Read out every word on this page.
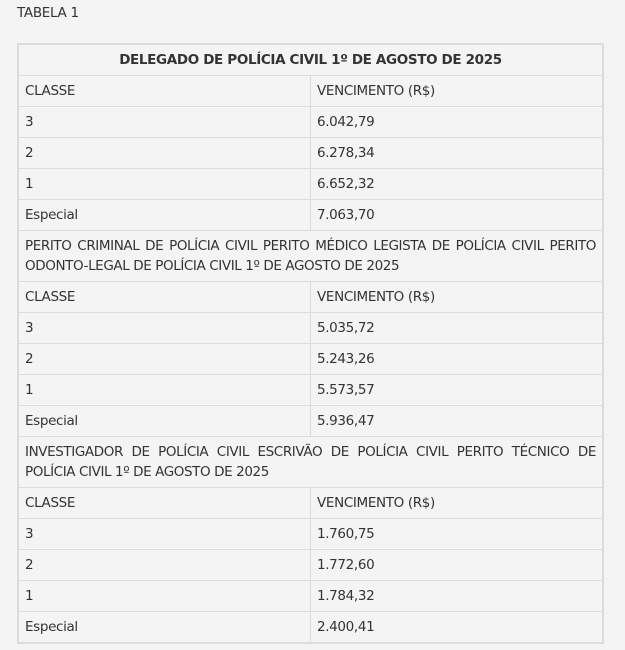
TABELA 1
DELEGADO DE POLÍCIA CIVIL 1º DE AGOSTO DE 2025	
CLASSE	VENCIMENTO (R$)
3	6.042,79
2	6.278,34
1	6.652,32
Especial	7.063,70
PERITO CRIMINAL DE POLÍCIA CIVIL PERITO MÉDICO LEGISTA DE POLÍCIA CIVIL PERITO ODONTO-LEGAL DE POLÍCIA CIVIL 1º DE AGOSTO DE 2025	
CLASSE	VENCIMENTO (R$)
3	5.035,72
2	5.243,26
1	5.573,57
Especial	5.936,47
INVESTIGADOR DE POLÍCIA CIVIL ESCRIVÃO DE POLÍCIA CIVIL PERITO TÉCNICO DE POLÍCIA CIVIL 1º DE AGOSTO DE 2025	
CLASSE	VENCIMENTO (R$)
3	1.760,75
2	1.772,60
1	1.784,32
Especial	2.400,41
